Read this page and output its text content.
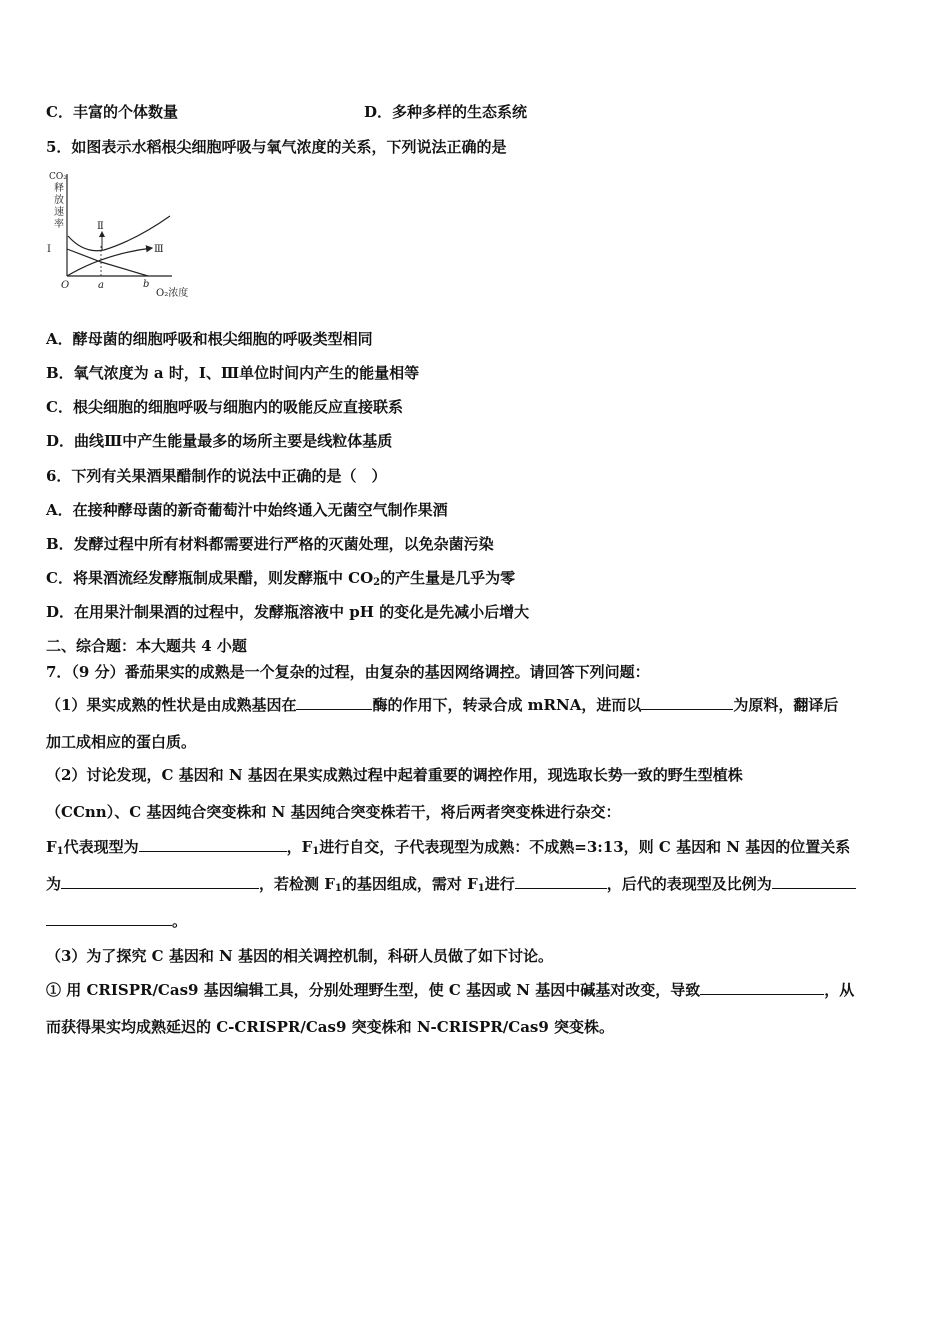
C．丰富的个体数量	D．多种多样的生态系统
5．如图表示水稻根尖细胞呼吸与氧气浓度的关系，下列说法正确的是
CO₂
释
放
速
率
O	a	b
O₂浓度
Ⅱ
Ⅰ	Ⅲ
A．酵母菌的细胞呼吸和根尖细胞的呼吸类型相同
B．氧气浓度为 a 时，Ⅰ、Ⅲ单位时间内产生的能量相等
C．根尖细胞的细胞呼吸与细胞内的吸能反应直接联系
D．曲线Ⅲ中产生能量最多的场所主要是线粒体基质
6．下列有关果酒果醋制作的说法中正确的是（　）
A．在接种酵母菌的新奇葡萄汁中始终通入无菌空气制作果酒
B．发酵过程中所有材料都需要进行严格的灭菌处理，以免杂菌污染
C．将果酒流经发酵瓶制成果醋，则发酵瓶中 $CO_2$的产生量是几乎为零
D．在用果汁制果酒的过程中，发酵瓶溶液中 pH 的变化是先减小后增大
二、综合题：本大题共 4 小题
7．（9 分）番茄果实的成熟是一个复杂的过程，由复杂的基因网络调控。请回答下列问题：
（1）果实成熟的性状是由成熟基因在	酶的作用下，转录合成 mRNA，进而以	为原料，翻译后
加工成相应的蛋白质。
（2）讨论发现，C 基因和 N 基因在果实成熟过程中起着重要的调控作用，现选取长势一致的野生型植株
（CCnn）、C 基因纯合突变株和 N 基因纯合突变株若干，将后两者突变株进行杂交：
$F_1$代表现型为	，$F_1$进行自交，子代表现型为成熟：不成熟=3:13，则 C 基因和 N 基因的位置关系
为	，若检测 $F_1$的基因组成，需对 $F_1$进行	，后代的表现型及比例为
。
（3）为了探究 C 基因和 N 基因的相关调控机制，科研人员做了如下讨论。
① 用 CRISPR/Cas9 基因编辑工具，分别处理野生型，使 C 基因或 N 基因中碱基对改变，导致	，从
而获得果实均成熟延迟的 C-CRISPR/Cas9 突变株和 N-CRISPR/Cas9 突变株。
